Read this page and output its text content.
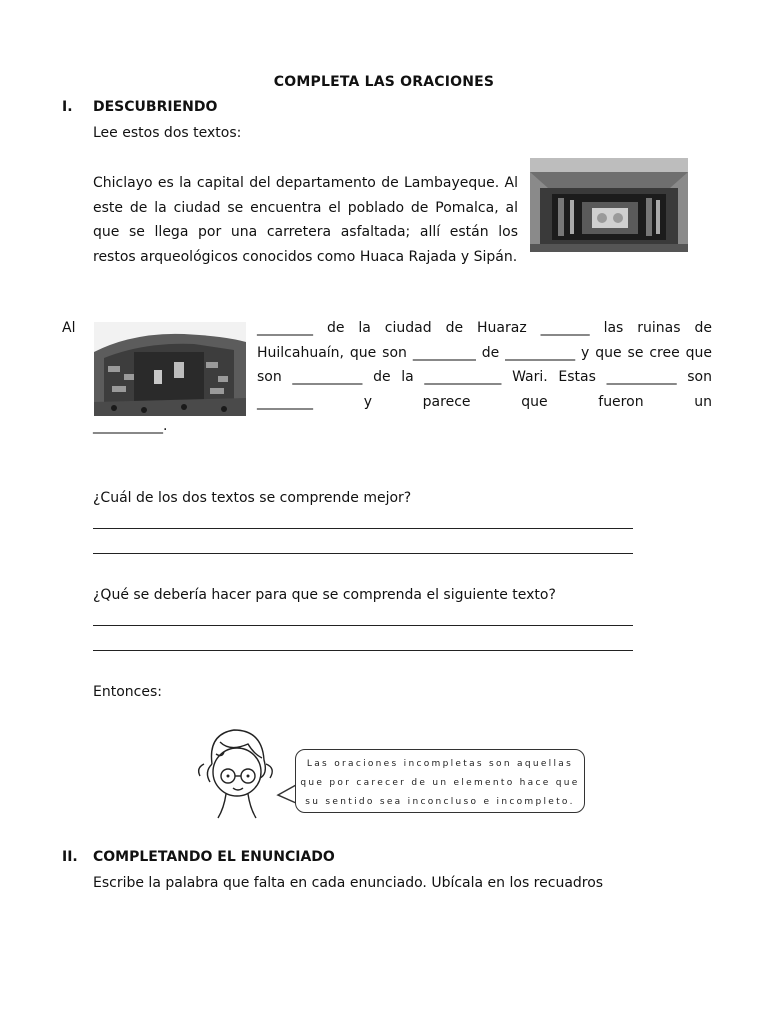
COMPLETA LAS ORACIONES
I. DESCUBRIENDO
Lee estos dos textos:
Chiclayo es la capital del departamento de Lambayeque. Al este de la ciudad se encuentra el poblado de Pomalca, al que se llega por una carretera asfaltada; allí están los restos arqueológicos conocidos como Huaca Rajada y Sipán.
Al	________ de la ciudad de Huaraz _______ las ruinas de Huilcahuaín, que son _________ de __________ y que se cree que son __________ de la ___________ Wari. Estas __________ son ________ y parece que fueron un
__________.
¿Cuál de los dos textos se comprende mejor?
¿Qué se debería hacer para que se comprenda el siguiente texto?
Entonces:
Las oraciones incompletas son aquellas que por carecer de un elemento hace que su sentido sea inconcluso e incompleto.
II. COMPLETANDO EL ENUNCIADO
Escribe la palabra que falta en cada enunciado. Ubícala en los recuadros
